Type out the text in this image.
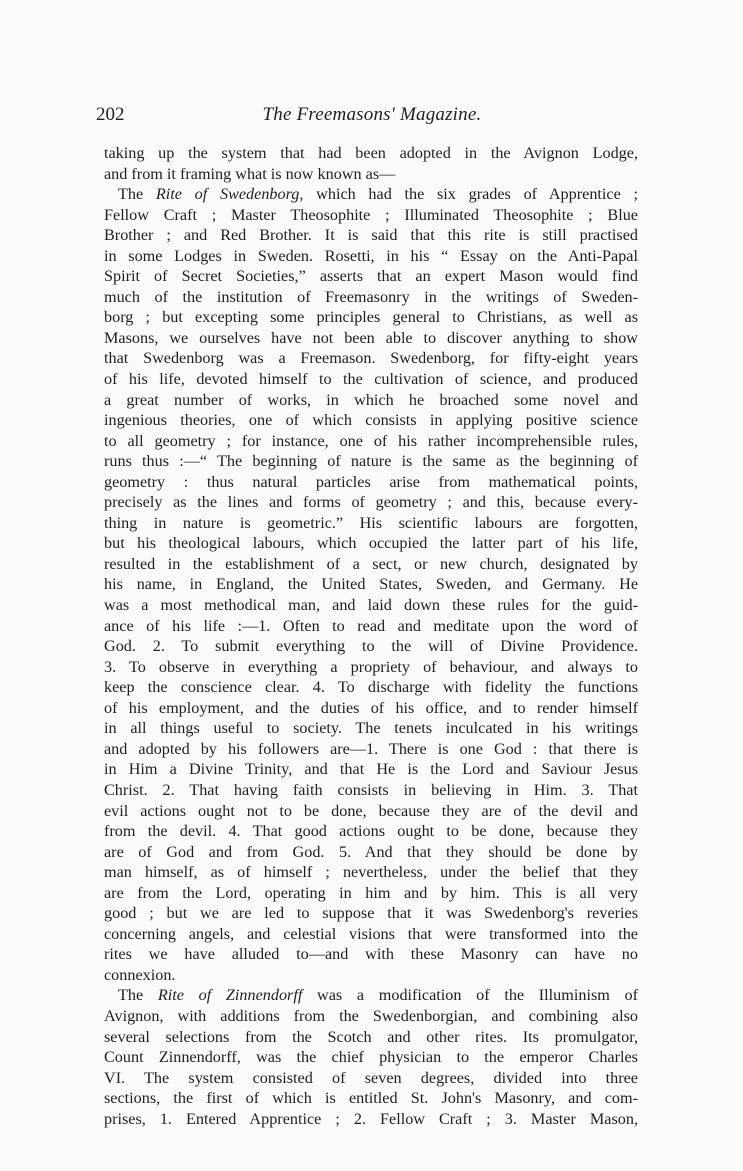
202	The Freemasons' Magazine.
taking up the system that had been adopted in the Avignon Lodge,
and from it framing what is now known as—
The Rite of Swedenborg, which had the six grades of Apprentice ;
Fellow Craft ; Master Theosophite ; Illuminated Theosophite ; Blue
Brother ; and Red Brother. It is said that this rite is still practised
in some Lodges in Sweden. Rosetti, in his “ Essay on the Anti-Papal
Spirit of Secret Societies,” asserts that an expert Mason would find
much of the institution of Freemasonry in the writings of Sweden-
borg ; but excepting some principles general to Christians, as well as
Masons, we ourselves have not been able to discover anything to show
that Swedenborg was a Freemason. Swedenborg, for fifty-eight years
of his life, devoted himself to the cultivation of science, and produced
a great number of works, in which he broached some novel and
ingenious theories, one of which consists in applying positive science
to all geometry ; for instance, one of his rather incomprehensible rules,
runs thus :—“ The beginning of nature is the same as the beginning of
geometry : thus natural particles arise from mathematical points,
precisely as the lines and forms of geometry ; and this, because every-
thing in nature is geometric.” His scientific labours are forgotten,
but his theological labours, which occupied the latter part of his life,
resulted in the establishment of a sect, or new church, designated by
his name, in England, the United States, Sweden, and Germany. He
was a most methodical man, and laid down these rules for the guid-
ance of his life :—1. Often to read and meditate upon the word of
God. 2. To submit everything to the will of Divine Providence.
3. To observe in everything a propriety of behaviour, and always to
keep the conscience clear. 4. To discharge with fidelity the functions
of his employment, and the duties of his office, and to render himself
in all things useful to society. The tenets inculcated in his writings
and adopted by his followers are—1. There is one God : that there is
in Him a Divine Trinity, and that He is the Lord and Saviour Jesus
Christ. 2. That having faith consists in believing in Him. 3. That
evil actions ought not to be done, because they are of the devil and
from the devil. 4. That good actions ought to be done, because they
are of God and from God. 5. And that they should be done by
man himself, as of himself ; nevertheless, under the belief that they
are from the Lord, operating in him and by him. This is all very
good ; but we are led to suppose that it was Swedenborg's reveries
concerning angels, and celestial visions that were transformed into the
rites we have alluded to—and with these Masonry can have no
connexion.
The Rite of Zinnendorff was a modification of the Illuminism of
Avignon, with additions from the Swedenborgian, and combining also
several selections from the Scotch and other rites. Its promulgator,
Count Zinnendorff, was the chief physician to the emperor Charles
VI. The system consisted of seven degrees, divided into three
sections, the first of which is entitled St. John's Masonry, and com-
prises, 1. Entered Apprentice ; 2. Fellow Craft ; 3. Master Mason,
